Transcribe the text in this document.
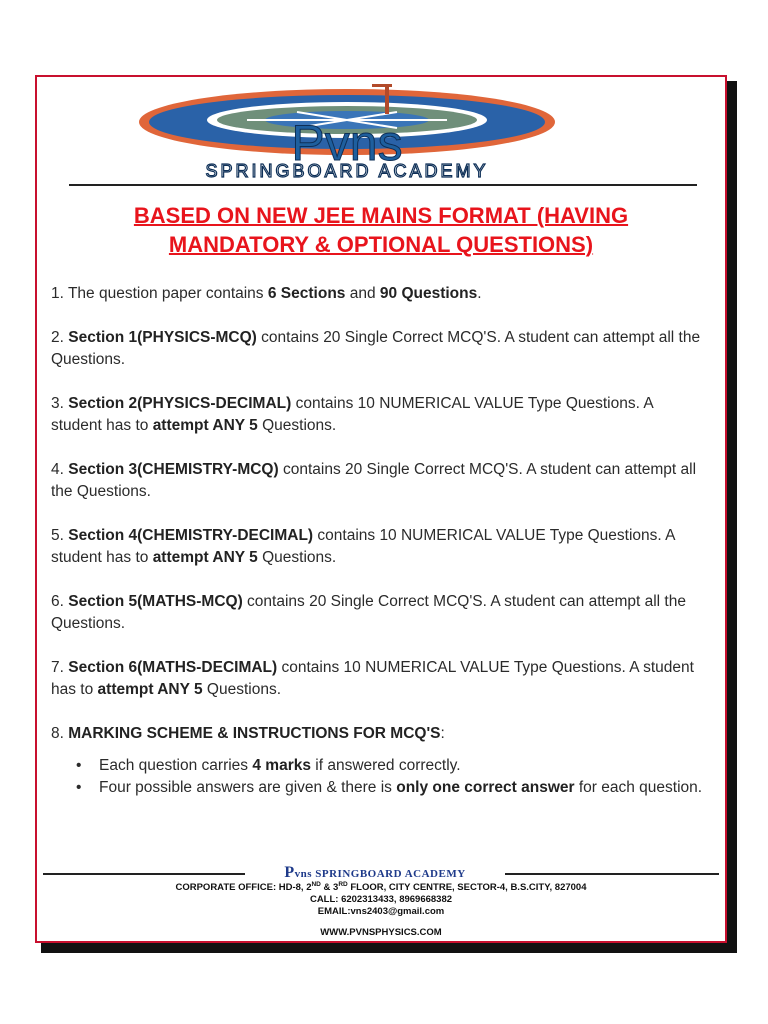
Pvns
SPRINGBOARD ACADEMY
BASED ON NEW JEE MAINS FORMAT (HAVING
MANDATORY & OPTIONAL QUESTIONS)
1. The question paper contains 6 Sections and 90 Questions.
2. Section 1(PHYSICS-MCQ) contains 20 Single Correct MCQ'S. A student can attempt all the Questions.
3. Section 2(PHYSICS-DECIMAL) contains 10 NUMERICAL VALUE Type Questions. A student has to attempt ANY 5 Questions.
4. Section 3(CHEMISTRY-MCQ) contains 20 Single Correct MCQ'S. A student can attempt all the Questions.
5. Section 4(CHEMISTRY-DECIMAL) contains 10 NUMERICAL VALUE Type Questions. A student has to attempt ANY 5 Questions.
6. Section 5(MATHS-MCQ) contains 20 Single Correct MCQ'S. A student can attempt all the Questions.
7. Section 6(MATHS-DECIMAL) contains 10 NUMERICAL VALUE Type Questions. A student has to attempt ANY 5 Questions.
8. MARKING SCHEME & INSTRUCTIONS FOR MCQ'S:
• Each question carries 4 marks if answered correctly.
• Four possible answers are given & there is only one correct answer for each question.
Pvns SPRINGBOARD ACADEMY
CORPORATE OFFICE: HD-8, 2ND & 3RD FLOOR, CITY CENTRE, SECTOR-4, B.S.CITY, 827004
CALL: 6202313433, 8969668382
EMAIL:vns2403@gmail.com
WWW.PVNSPHYSICS.COM
